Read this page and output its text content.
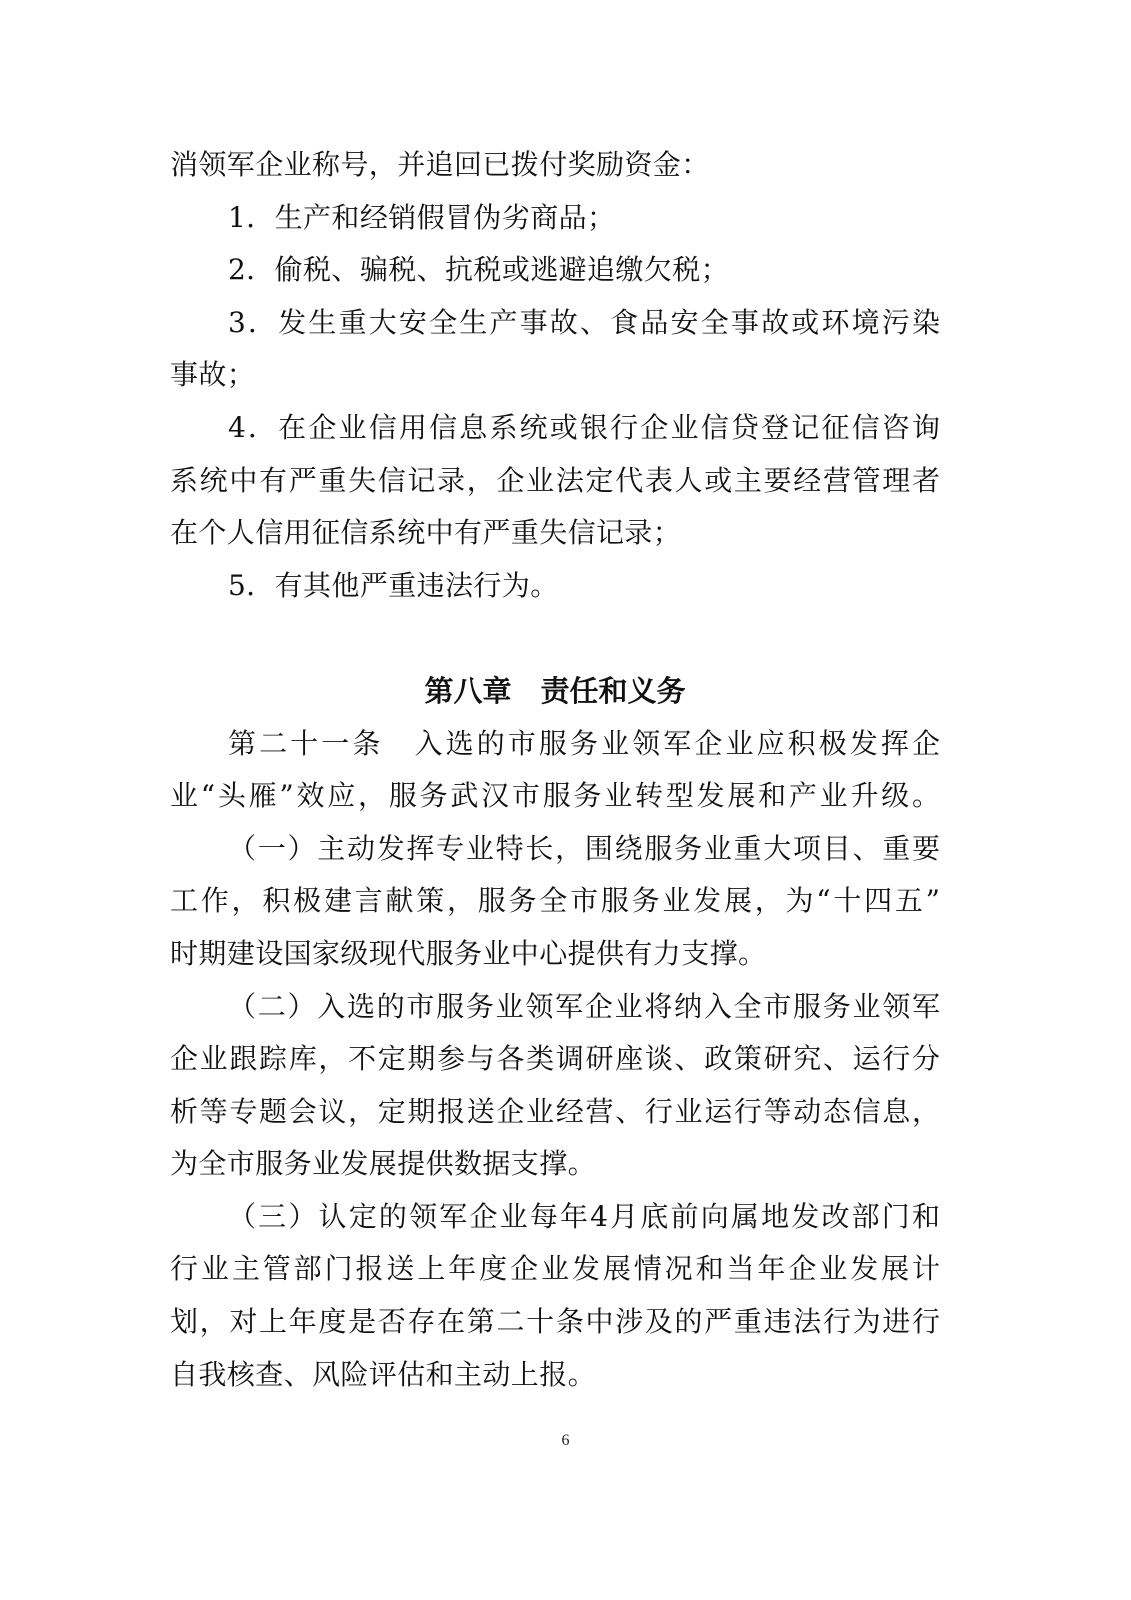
消领军企业称号，并追回已拨付奖励资金：
1．生产和经销假冒伪劣商品；
2．偷税、骗税、抗税或逃避追缴欠税；
3．发生重大安全生产事故、食品安全事故或环境污染
事故；
4．在企业信用信息系统或银行企业信贷登记征信咨询
系统中有严重失信记录，企业法定代表人或主要经营管理者
在个人信用征信系统中有严重失信记录；
5．有其他严重违法行为。
第八章　责任和义务
第二十一条　入选的市服务业领军企业应积极发挥企
业“头雁”效应，服务武汉市服务业转型发展和产业升级。
（一）主动发挥专业特长，围绕服务业重大项目、重要
工作，积极建言献策，服务全市服务业发展，为“十四五”
时期建设国家级现代服务业中心提供有力支撑。
（二）入选的市服务业领军企业将纳入全市服务业领军
企业跟踪库，不定期参与各类调研座谈、政策研究、运行分
析等专题会议，定期报送企业经营、行业运行等动态信息，
为全市服务业发展提供数据支撑。
（三）认定的领军企业每年4月底前向属地发改部门和
行业主管部门报送上年度企业发展情况和当年企业发展计
划，对上年度是否存在第二十条中涉及的严重违法行为进行
自我核查、风险评估和主动上报。
6
